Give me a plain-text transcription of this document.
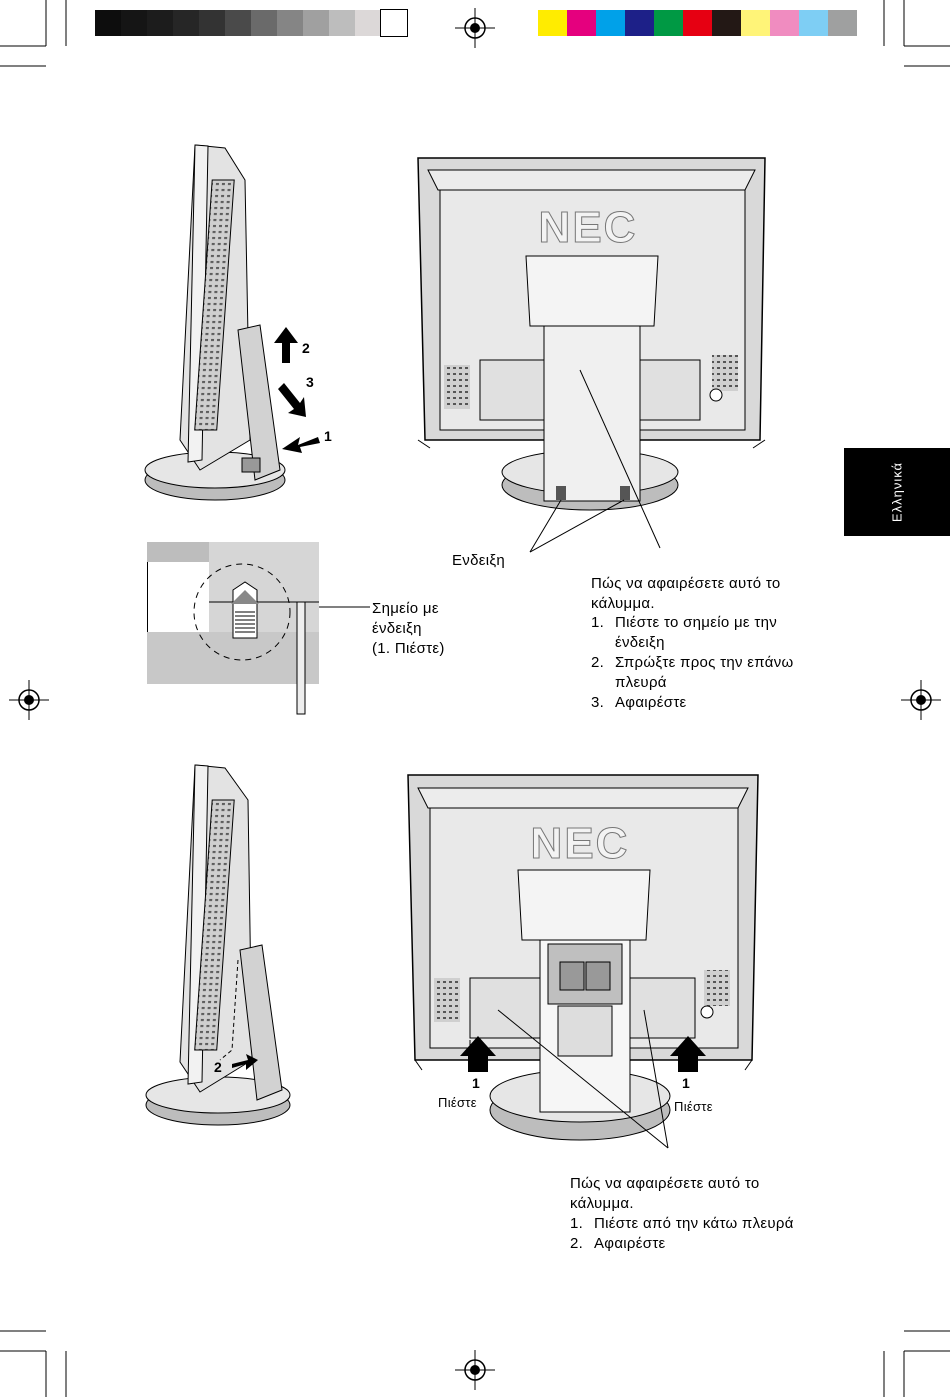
Ελληνικά
2
3
1
NEC
Ενδειξη
Σημείο με
ένδειξη
(1. Πιέστε)
Πώς να αφαιρέσετε αυτό το
κάλυμμα.
1. Πιέστε το σημείο με την
ένδειξη
2. Σπρώξτε προς την επάνω
πλευρά
3. Αφαιρέστε
2
NEC
1	1
Πιέστε	Πιέστε
Πώς να αφαιρέσετε αυτό το
κάλυμμα.
1. Πιέστε από την κάτω πλευρά
2. Αφαιρέστε
